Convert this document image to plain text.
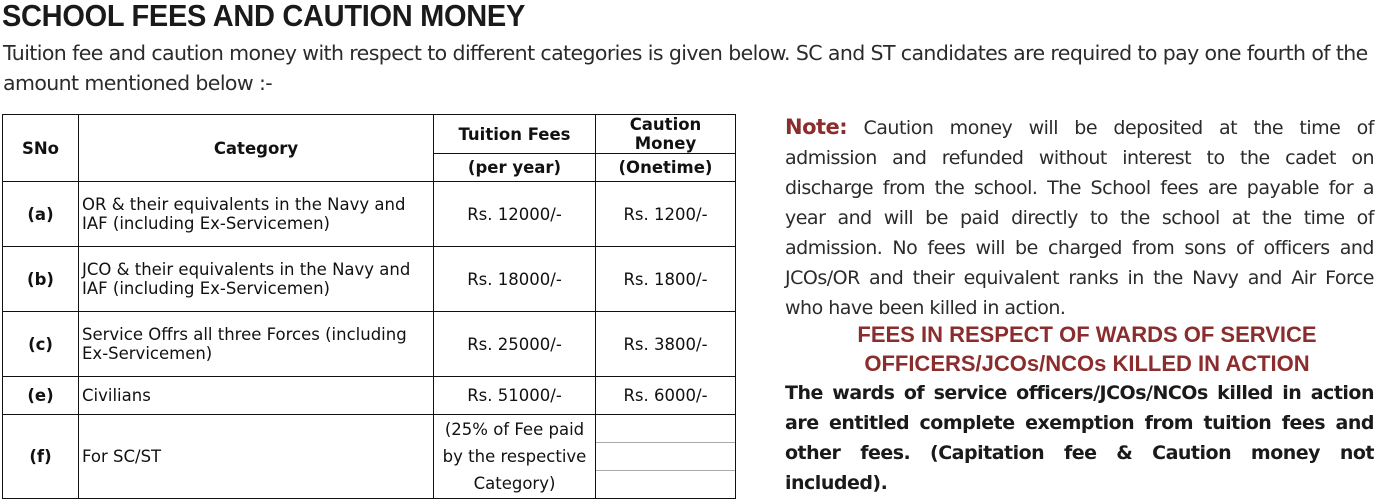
SCHOOL FEES AND CAUTION MONEY
Tuition fee and caution money with respect to different categories is given below. SC and ST candidates are required to pay one fourth of the amount mentioned below :-
SNo	Category	Tuition Fees	Caution Money
		(per year)	(Onetime)
(a)	OR & their equivalents in the Navy and
IAF (including Ex-Servicemen)	Rs. 12000/-	Rs. 1200/-
(b)	JCO & their equivalents in the Navy and
IAF (including Ex-Servicemen)	Rs. 18000/-	Rs. 1800/-
(c)	Service Offrs all three Forces (including
Ex-Servicemen)	Rs. 25000/-	Rs. 3800/-
(e)	Civilians	Rs. 51000/-	Rs. 6000/-
(f)	For SC/ST	(25% of Fee paid
by the respective
Category)	
Note: Caution money will be deposited at the time of admission and refunded without interest to the cadet on discharge from the school. The School fees are payable for a year and will be paid directly to the school at the time of admission. No fees will be charged from sons of officers and JCOs/OR and their equivalent ranks in the Navy and Air Force who have been killed in action.
FEES IN RESPECT OF WARDS OF SERVICE
OFFICERS/JCOs/NCOs KILLED IN ACTION
The wards of service officers/JCOs/NCOs killed in action are entitled complete exemption from tuition fees and other fees. (Capitation fee & Caution money not included).
